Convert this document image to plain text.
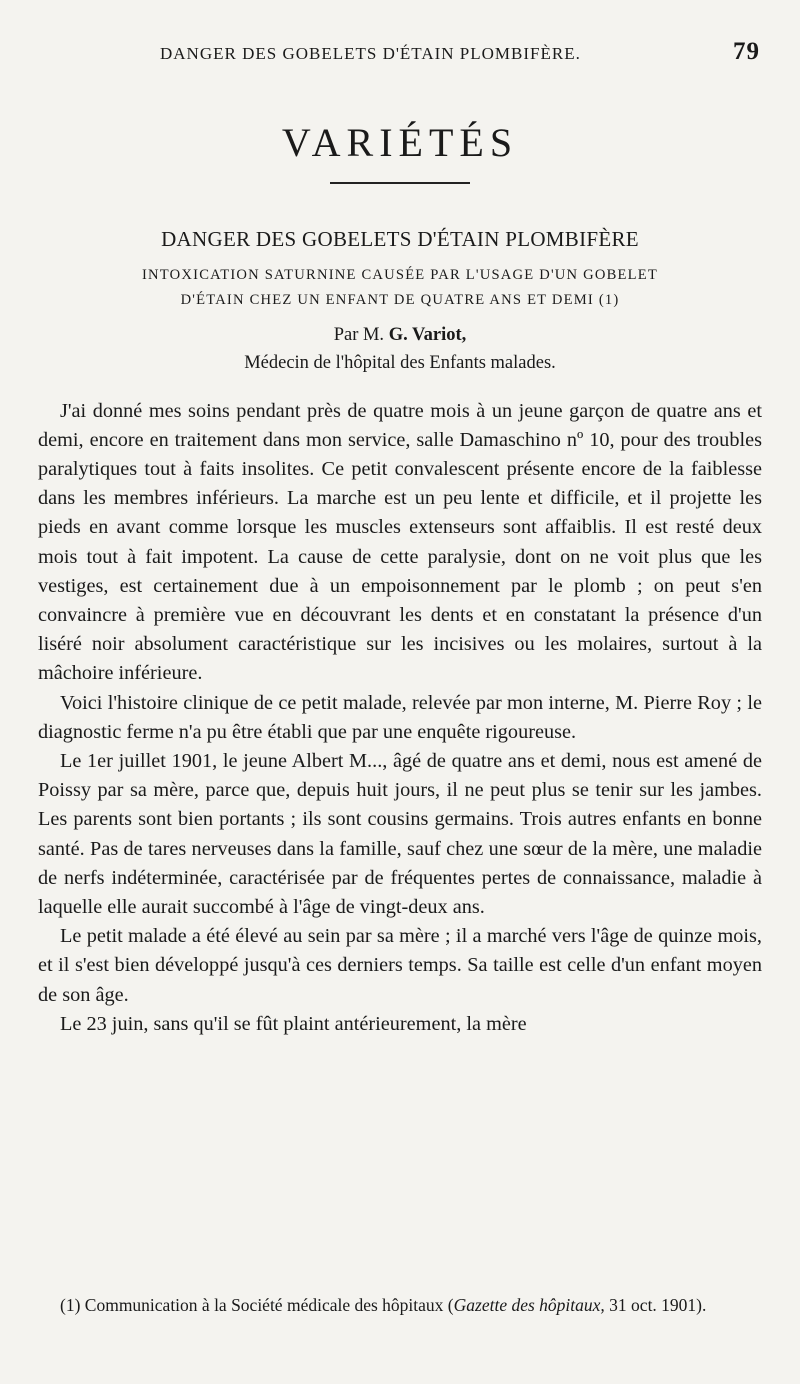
DANGER DES GOBELETS D'ÉTAIN PLOMBIFÈRE.	79
VARIÉTÉS
DANGER DES GOBELETS D'ÉTAIN PLOMBIFÈRE
INTOXICATION SATURNINE CAUSÉE PAR L'USAGE D'UN GOBELET
D'ÉTAIN CHEZ UN ENFANT DE QUATRE ANS ET DEMI (1)
Par M. G. Variot,
Médecin de l'hôpital des Enfants malades.

J'ai donné mes soins pendant près de quatre mois à un jeune garçon de quatre ans et demi, encore en traitement dans mon service, salle Damaschino nº 10, pour des troubles paralytiques tout à faits insolites. Ce petit convalescent présente encore de la faiblesse dans les membres inférieurs. La marche est un peu lente et difficile, et il projette les pieds en avant comme lorsque les muscles extenseurs sont affaiblis. Il est resté deux mois tout à fait impotent. La cause de cette paralysie, dont on ne voit plus que les vestiges, est certainement due à un empoisonnement par le plomb ; on peut s'en convaincre à première vue en découvrant les dents et en constatant la présence d'un liséré noir absolument caractéristique sur les incisives ou les molaires, surtout à la mâchoire inférieure.

Voici l'histoire clinique de ce petit malade, relevée par mon interne, M. Pierre Roy ; le diagnostic ferme n'a pu être établi que par une enquête rigoureuse.

Le 1er juillet 1901, le jeune Albert M..., âgé de quatre ans et demi, nous est amené de Poissy par sa mère, parce que, depuis huit jours, il ne peut plus se tenir sur les jambes. Les parents sont bien portants ; ils sont cousins germains. Trois autres enfants en bonne santé. Pas de tares nerveuses dans la famille, sauf chez une sœur de la mère, une maladie de nerfs indéterminée, caractérisée par de fréquentes pertes de connaissance, maladie à laquelle elle aurait succombé à l'âge de vingt-deux ans.

Le petit malade a été élevé au sein par sa mère ; il a marché vers l'âge de quinze mois, et il s'est bien développé jusqu'à ces derniers temps. Sa taille est celle d'un enfant moyen de son âge.

Le 23 juin, sans qu'il se fût plaint antérieurement, la mère

(1) Communication à la Société médicale des hôpitaux (Gazette des hôpitaux, 31 oct. 1901).
